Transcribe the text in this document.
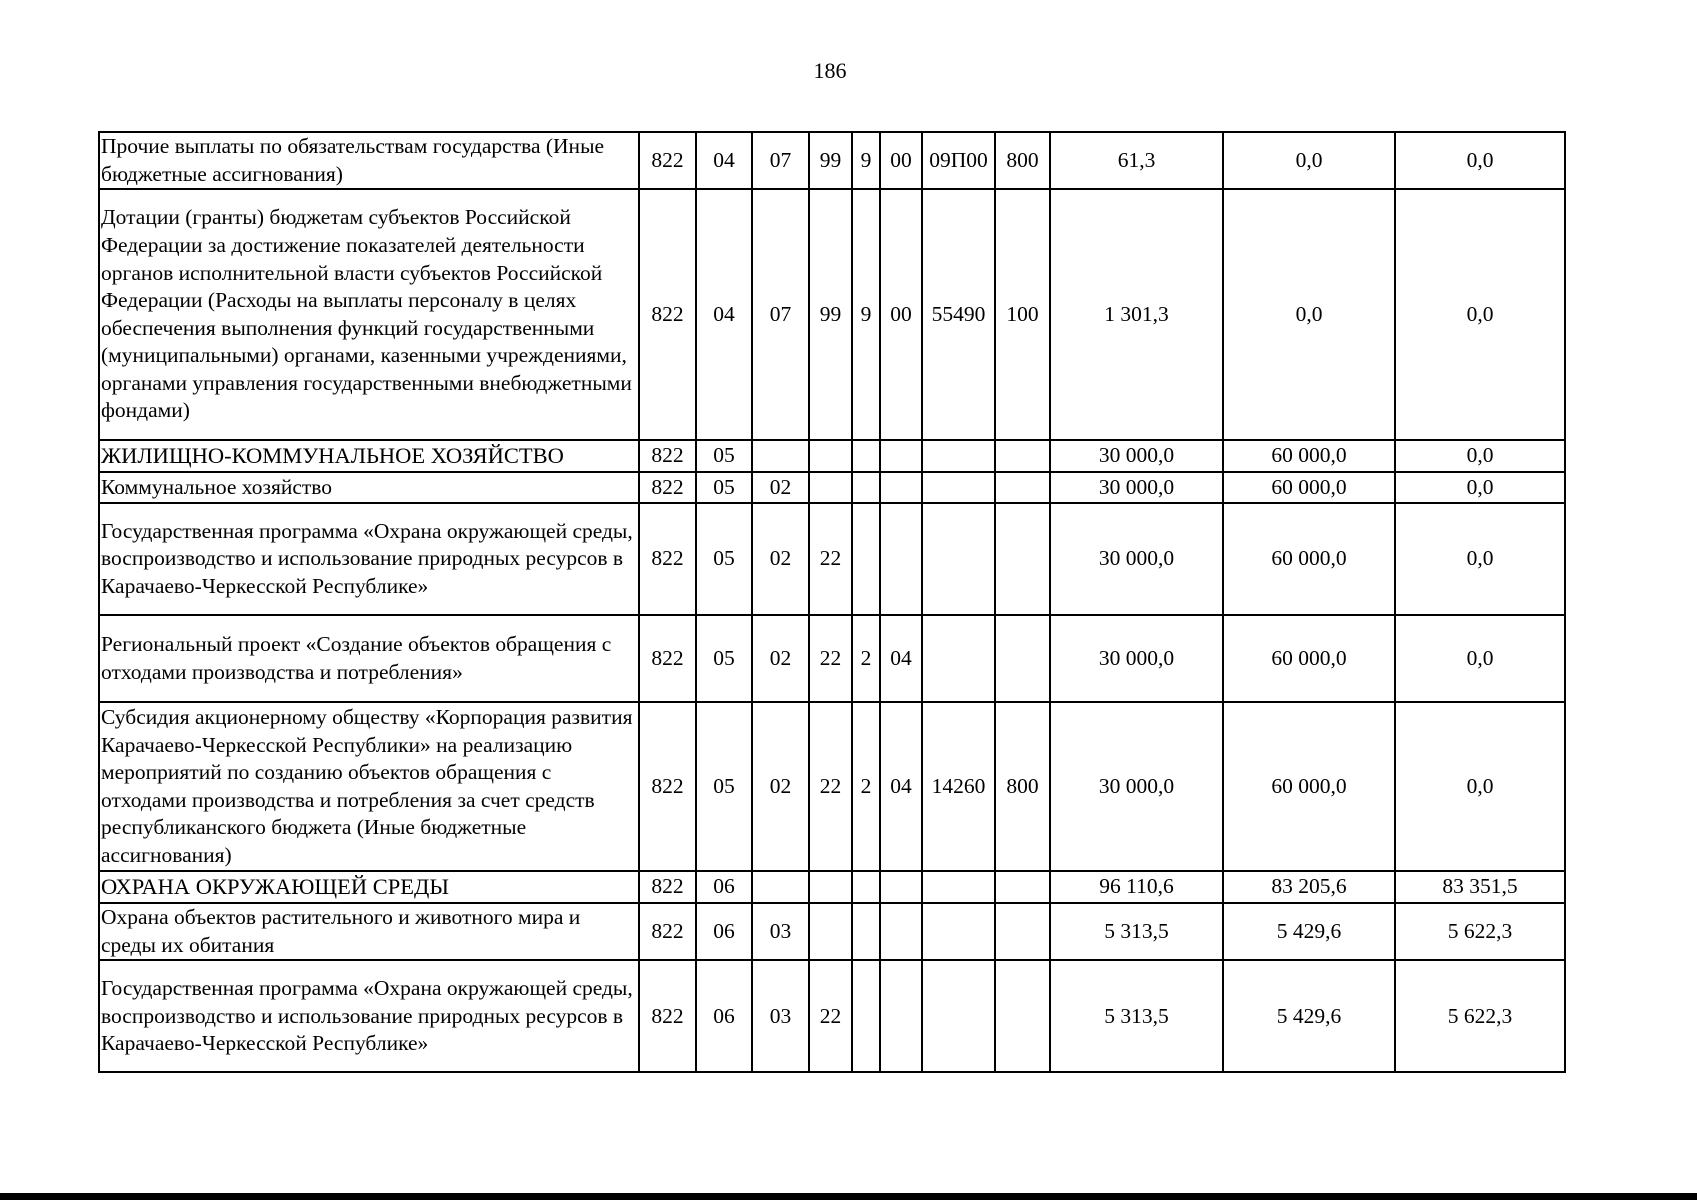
186
Прочие выплаты по обязательствам государства (Иные бюджетные ассигнования)	822	04	07	99	9	00	09П00	800	61,3	0,0	0,0
Дотации (гранты) бюджетам субъектов Российской Федерации за достижение показателей деятельности органов исполнительной власти субъектов Российской Федерации (Расходы на выплаты персоналу в целях обеспечения выполнения функций государственными (муниципальными) органами, казенными учреждениями, органами управления государственными внебюджетными фондами)	822	04	07	99	9	00	55490	100	1 301,3	0,0	0,0
ЖИЛИЩНО-КОММУНАЛЬНОЕ ХОЗЯЙСТВО	822	05							30 000,0	60 000,0	0,0
Коммунальное хозяйство	822	05	02						30 000,0	60 000,0	0,0
Государственная программа «Охрана окружающей среды, воспроизводство и использование природных ресурсов в Карачаево-Черкесской Республике»	822	05	02	22					30 000,0	60 000,0	0,0
Региональный проект «Создание объектов обращения с отходами производства и потребления»	822	05	02	22	2	04			30 000,0	60 000,0	0,0
Субсидия акционерному обществу «Корпорация развития Карачаево-Черкесской Республики» на реализацию мероприятий по созданию объектов обращения с отходами производства и потребления за счет средств республиканского бюджета (Иные бюджетные ассигнования)	822	05	02	22	2	04	14260	800	30 000,0	60 000,0	0,0
ОХРАНА ОКРУЖАЮЩЕЙ СРЕДЫ	822	06							96 110,6	83 205,6	83 351,5
Охрана объектов растительного и животного мира и среды их обитания	822	06	03						5 313,5	5 429,6	5 622,3
Государственная программа «Охрана окружающей среды, воспроизводство и использование природных ресурсов в Карачаево-Черкесской Республике»	822	06	03	22					5 313,5	5 429,6	5 622,3
